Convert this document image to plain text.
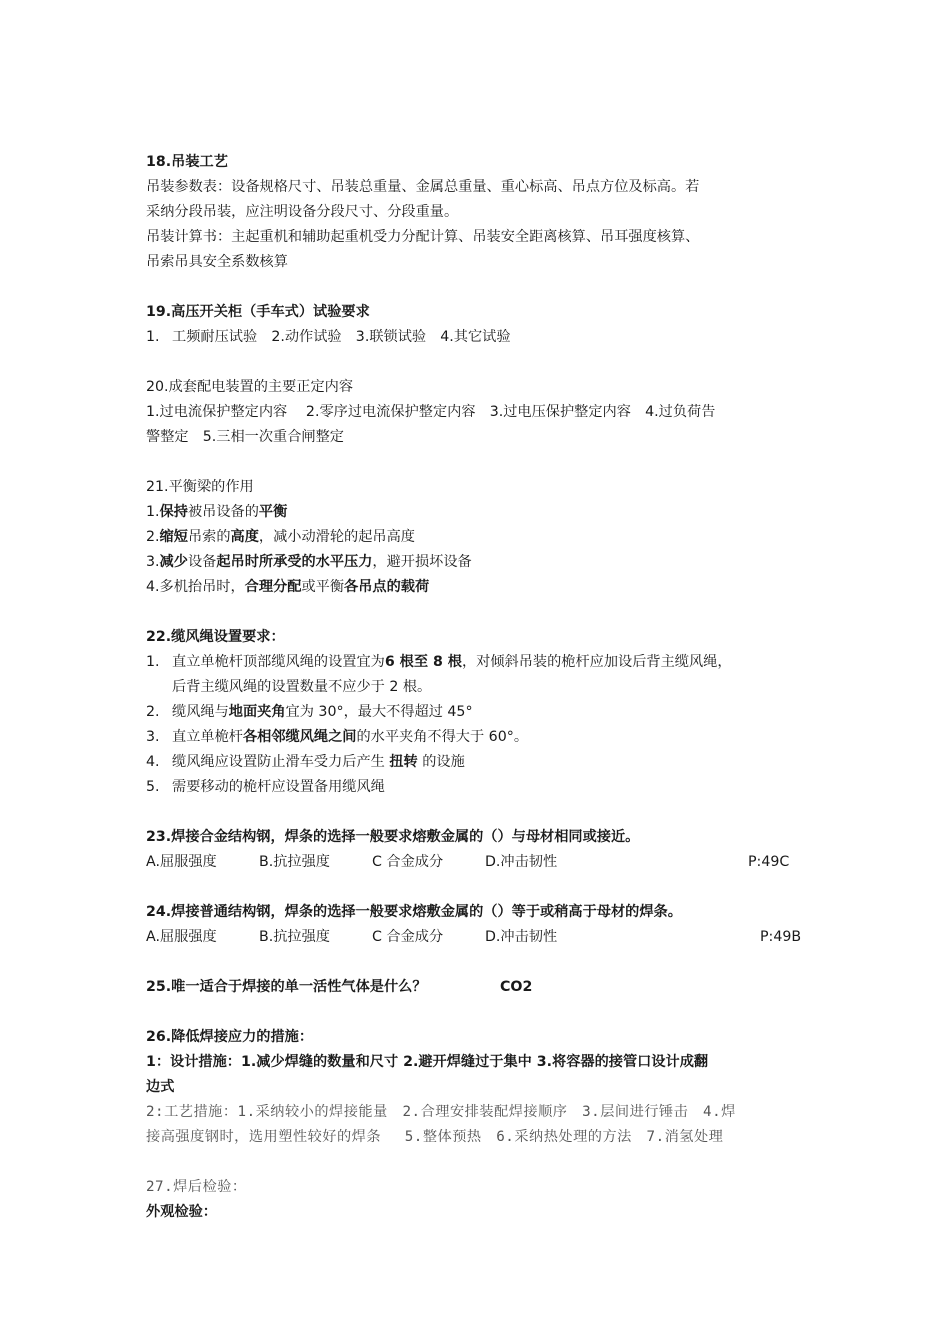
18.吊装工艺
吊装参数表：设备规格尺寸、吊装总重量、金属总重量、重心标高、吊点方位及标高。若
采纳分段吊装，应注明设备分段尺寸、分段重量。
吊装计算书：主起重机和辅助起重机受力分配计算、吊装安全距离核算、吊耳强度核算、
吊索吊具安全系数核算
19.高压开关柜（手车式）试验要求
1. 工频耐压试验　2.动作试验　3.联锁试验　4.其它试验
20.成套配电装置的主要正定内容
1.过电流保护整定内容　 2.零序过电流保护整定内容　3.过电压保护整定内容　4.过负荷告
警整定　5.三相一次重合闸整定
21.平衡梁的作用
1.保持被吊设备的平衡
2.缩短吊索的高度，减小动滑轮的起吊高度
3.减少设备起吊时所承受的水平压力，避开损坏设备
4.多机抬吊时，合理分配或平衡各吊点的载荷
22.缆风绳设置要求：
1. 直立单桅杆顶部缆风绳的设置宜为6 根至 8 根，对倾斜吊装的桅杆应加设后背主缆风绳，
后背主缆风绳的设置数量不应少于 2 根。
2. 缆风绳与地面夹角宜为 30°，最大不得超过 45°
3. 直立单桅杆各相邻缆风绳之间的水平夹角不得大于 60°。
4. 缆风绳应设置防止滑车受力后产生 扭转 的设施
5. 需要移动的桅杆应设置备用缆风绳
23.焊接合金结构钢，焊条的选择一般要求熔敷金属的（）与母材相同或接近。
A.屈服强度	B.抗拉强度	C 合金成分	D.冲击韧性	P:49C
24.焊接普通结构钢，焊条的选择一般要求熔敷金属的（）等于或稍高于母材的焊条。
A.屈服强度	B.抗拉强度	C 合金成分	D.冲击韧性	P:49B
25.唯一适合于焊接的单一活性气体是什么？	CO2
26.降低焊接应力的措施：
1：设计措施：1.减少焊缝的数量和尺寸 2.避开焊缝过于集中 3.将容器的接管口设计成翻
边式
2:工艺措施：1.采纳较小的焊接能量　2.合理安排装配焊接顺序　3.层间进行锤击　4.焊
接高强度钢时，选用塑性较好的焊条　 5.整体预热　6.采纳热处理的方法　7.消氢处理
27.焊后检验：
外观检验：
